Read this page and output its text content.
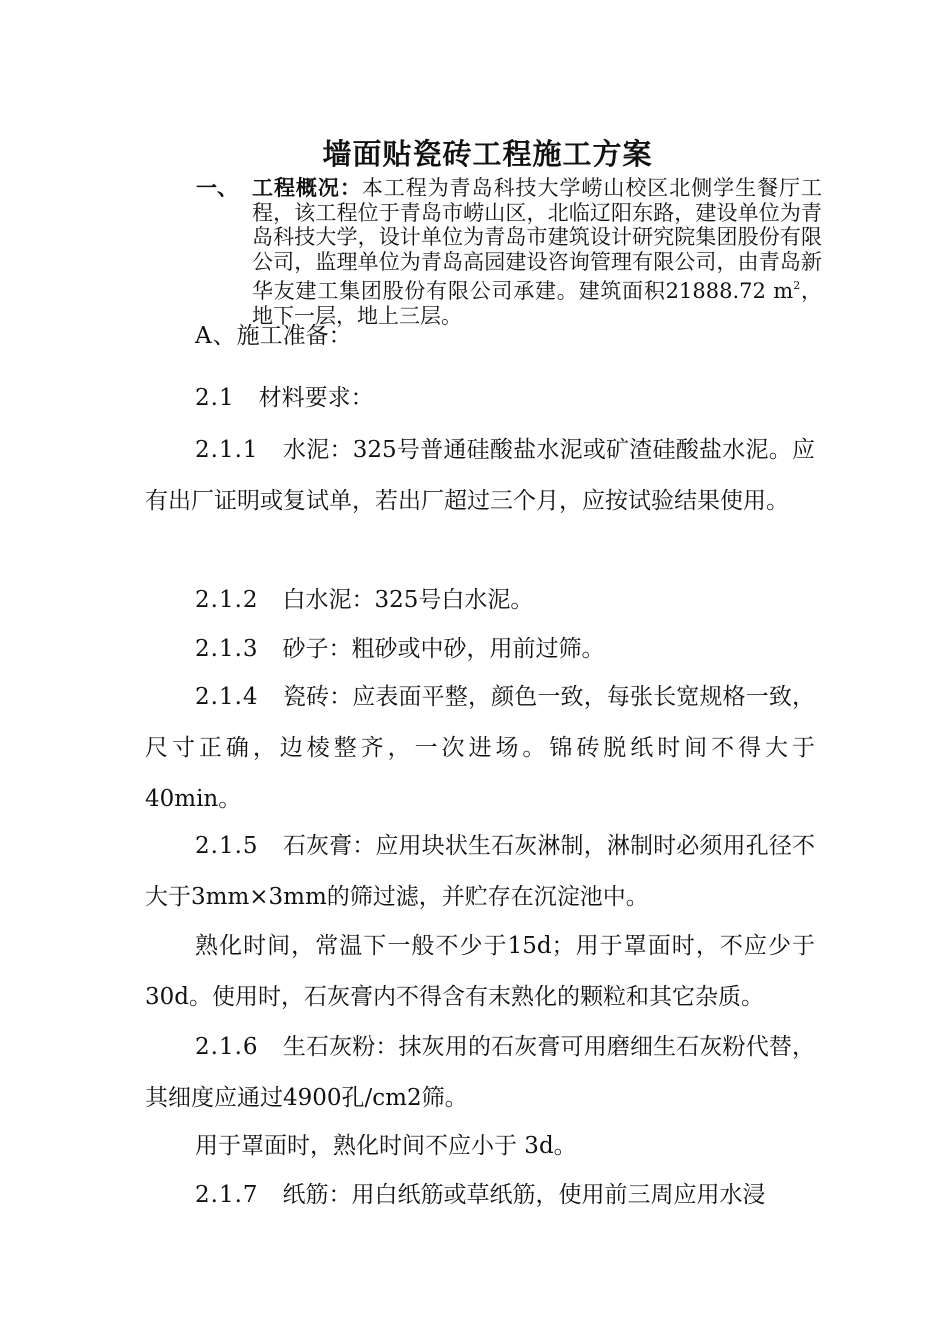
墙面贴瓷砖工程施工方案
一、 工程概况：本工程为青岛科技大学崂山校区北侧学生餐厅工程，该工程位于青岛市崂山区，北临辽阳东路，建设单位为青岛科技大学，设计单位为青岛市建筑设计研究院集团股份有限公司，监理单位为青岛高园建设咨询管理有限公司，由青岛新华友建工集团股份有限公司承建。建筑面积21888.72 $m^2$，地下一层，地上三层。

A、施工准备：

2.1　材料要求：

2.1.1　水泥：325号普通硅酸盐水泥或矿渣硅酸盐水泥。应有出厂证明或复试单，若出厂超过三个月，应按试验结果使用。

2.1.2　白水泥：325号白水泥。

2.1.3　砂子：粗砂或中砂，用前过筛。

2.1.4　瓷砖：应表面平整，颜色一致，每张长宽规格一致，尺寸正确，边棱整齐，一次进场。锦砖脱纸时间不得大于40min。

2.1.5　石灰膏：应用块状生石灰淋制，淋制时必须用孔径不大于3mm×3mm的筛过滤，并贮存在沉淀池中。

熟化时间，常温下一般不少于15d；用于罩面时，不应少于30d。使用时，石灰膏内不得含有末熟化的颗粒和其它杂质。

2.1.6　生石灰粉：抹灰用的石灰膏可用磨细生石灰粉代替，其细度应通过4900孔/cm2筛。

用于罩面时，熟化时间不应小于 3d。

2.1.7　纸筋：用白纸筋或草纸筋，使用前三周应用水浸
